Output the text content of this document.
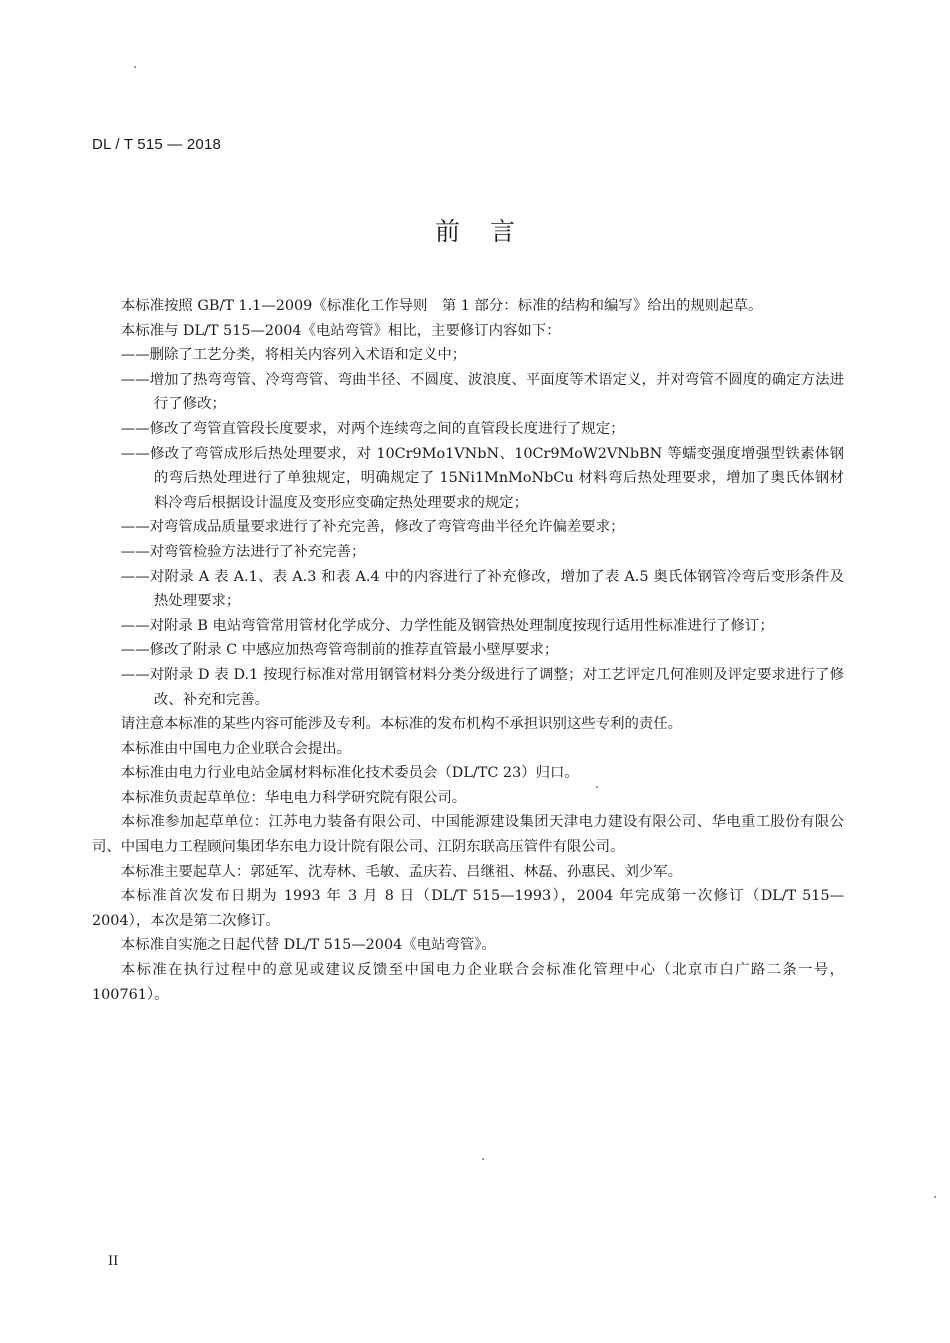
DL / T 515 — 2018
前言

本标准按照 GB/T 1.1—2009《标准化工作导则　第 1 部分：标准的结构和编写》给出的规则起草。

本标准与 DL/T 515—2004《电站弯管》相比，主要修订内容如下：

——删除了工艺分类，将相关内容列入术语和定义中；

——增加了热弯弯管、冷弯弯管、弯曲半径、不圆度、波浪度、平面度等术语定义，并对弯管不圆度的确定方法进行了修改；

——修改了弯管直管段长度要求，对两个连续弯之间的直管段长度进行了规定；

——修改了弯管成形后热处理要求，对 10Cr9Mo1VNbN、10Cr9MoW2VNbBN 等蠕变强度增强型铁素体钢的弯后热处理进行了单独规定，明确规定了 15Ni1MnMoNbCu 材料弯后热处理要求，增加了奥氏体钢材料冷弯后根据设计温度及变形应变确定热处理要求的规定；

——对弯管成品质量要求进行了补充完善，修改了弯管弯曲半径允许偏差要求；

——对弯管检验方法进行了补充完善；

——对附录 A 表 A.1、表 A.3 和表 A.4 中的内容进行了补充修改，增加了表 A.5 奥氏体钢管冷弯后变形条件及热处理要求；

——对附录 B 电站弯管常用管材化学成分、力学性能及钢管热处理制度按现行适用性标准进行了修订；

——修改了附录 C 中感应加热弯管弯制前的推荐直管最小壁厚要求；

——对附录 D 表 D.1 按现行标准对常用钢管材料分类分级进行了调整；对工艺评定几何准则及评定要求进行了修改、补充和完善。

请注意本标准的某些内容可能涉及专利。本标准的发布机构不承担识别这些专利的责任。

本标准由中国电力企业联合会提出。

本标准由电力行业电站金属材料标准化技术委员会（DL/TC 23）归口。

本标准负责起草单位：华电电力科学研究院有限公司。

本标准参加起草单位：江苏电力装备有限公司、中国能源建设集团天津电力建设有限公司、华电重工股份有限公司、中国电力工程顾问集团华东电力设计院有限公司、江阴东联高压管件有限公司。

本标准主要起草人：郭延军、沈寿林、毛敏、孟庆若、吕继祖、林磊、孙惠民、刘少军。

本标准首次发布日期为 1993 年 3 月 8 日（DL/T 515—1993），2004 年完成第一次修订（DL/T 515—2004），本次是第二次修订。

本标准自实施之日起代替 DL/T 515—2004《电站弯管》。

本标准在执行过程中的意见或建议反馈至中国电力企业联合会标准化管理中心（北京市白广路二条一号，100761）。

II
